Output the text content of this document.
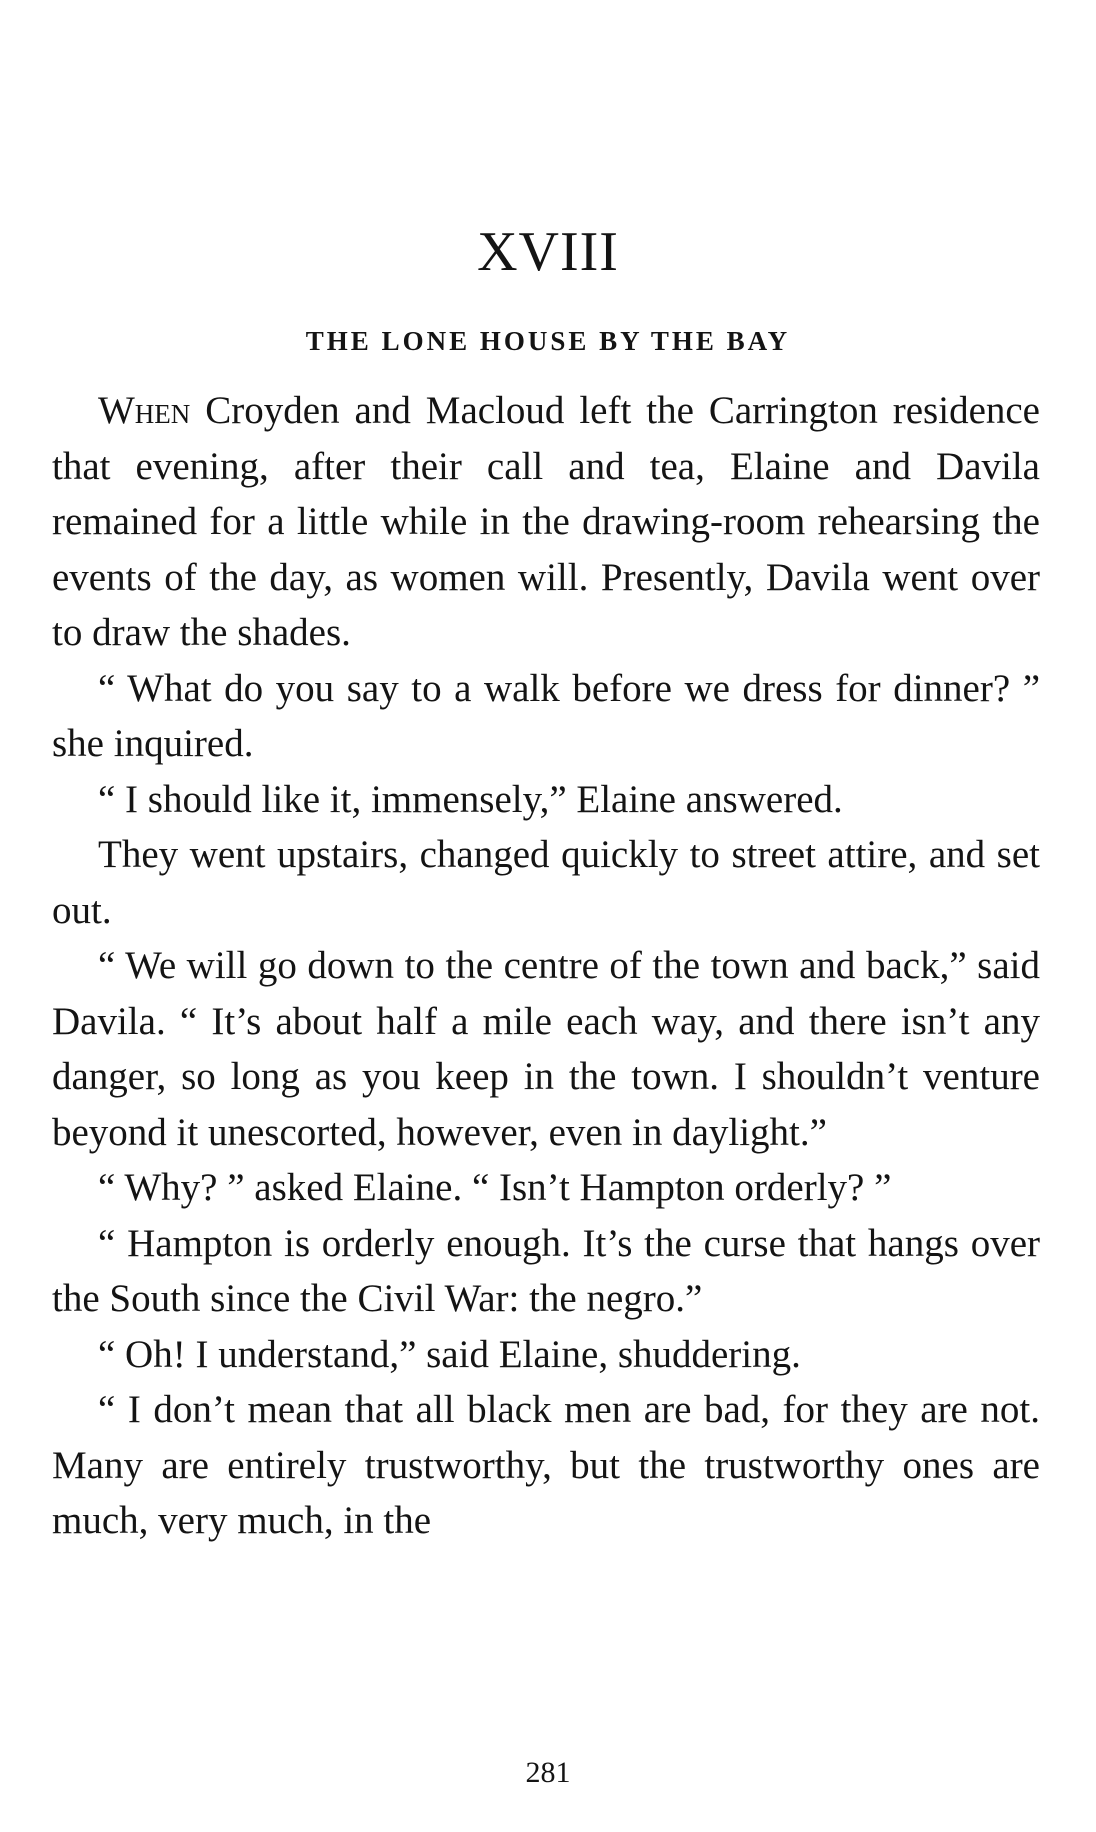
XVIII
THE LONE HOUSE BY THE BAY

When Croyden and Macloud left the Carrington residence that evening, after their call and tea, Elaine and Davila remained for a little while in the drawing-room rehearsing the events of the day, as women will. Presently, Davila went over to draw the shades.

“ What do you say to a walk before we dress for dinner? ” she inquired.

“ I should like it, immensely,” Elaine answered.

They went upstairs, changed quickly to street attire, and set out.

“ We will go down to the centre of the town and back,” said Davila. “ It’s about half a mile each way, and there isn’t any danger, so long as you keep in the town. I shouldn’t venture beyond it unescorted, however, even in daylight.”

“ Why? ” asked Elaine. “ Isn’t Hampton orderly? ”

“ Hampton is orderly enough. It’s the curse that hangs over the South since the Civil War: the negro.”

“ Oh! I understand,” said Elaine, shuddering.

“ I don’t mean that all black men are bad, for they are not. Many are entirely trustworthy, but the trustworthy ones are much, very much, in the

281
